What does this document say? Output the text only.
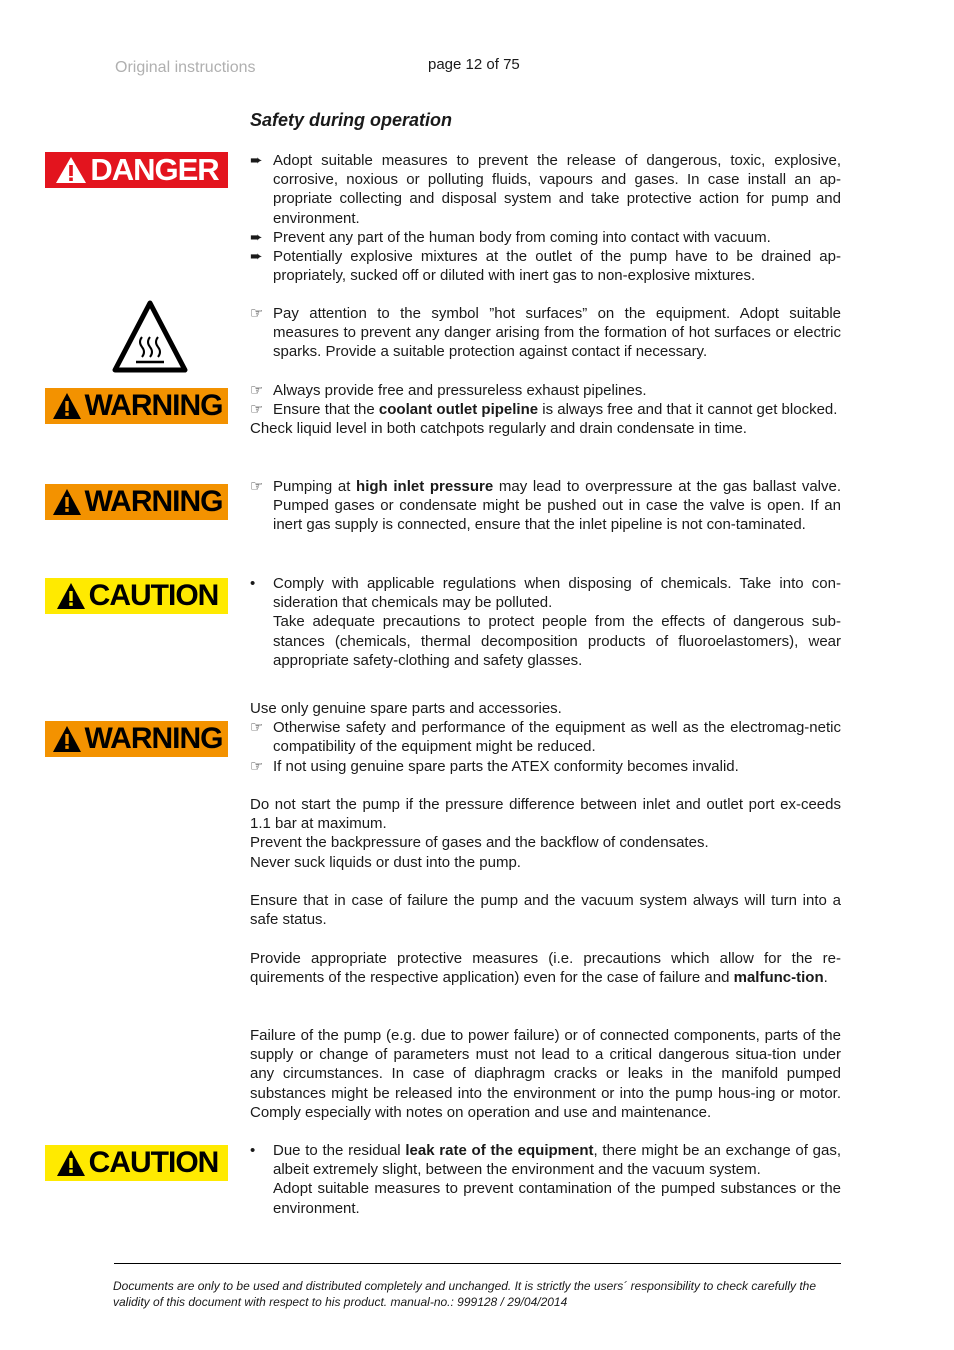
Original instructions	page 12 of 75
Safety during operation
DANGER
WARNING
WARNING
CAUTION
WARNING
CAUTION
➨ Adopt suitable measures to prevent the release of dangerous, toxic, explosive, corrosive, noxious or polluting fluids, vapours and gases. In case install an ap-propriate collecting and disposal system and take protective action for pump and environment.
➨ Prevent any part of the human body from coming into contact with vacuum.
➨ Potentially explosive mixtures at the outlet of the pump have to be drained ap-propriately, sucked off or diluted with inert gas to non-explosive mixtures.
☞ Pay attention to the symbol ”hot surfaces” on the equipment. Adopt suitable measures to prevent any danger arising from the formation of hot surfaces or electric sparks. Provide a suitable protection against contact if necessary.
☞ Always provide free and pressureless exhaust pipelines.
☞ Ensure that the coolant outlet pipeline is always free and that it cannot get blocked.
Check liquid level in both catchpots regularly and drain condensate in time.
☞ Pumping at high inlet pressure may lead to overpressure at the gas ballast valve. Pumped gases or condensate might be pushed out in case the valve is open. If an inert gas supply is connected, ensure that the inlet pipeline is not con-taminated.
•	Comply with applicable regulations when disposing of chemicals. Take into con-sideration that chemicals may be polluted.
Take adequate precautions to protect people from the effects of dangerous sub-stances (chemicals, thermal decomposition products of fluoroelastomers), wear appropriate safety-clothing and safety glasses.
Use only genuine spare parts and accessories.
☞ Otherwise safety and performance of the equipment as well as the electromag-netic compatibility of the equipment might be reduced.
☞ If not using genuine spare parts the ATEX conformity becomes invalid.
Do not start the pump if the pressure difference between inlet and outlet port ex-ceeds 1.1 bar at maximum.
Prevent the backpressure of gases and the backflow of condensates.
Never suck liquids or dust into the pump.
Ensure that in case of failure the pump and the vacuum system always will turn into a safe status.
Provide appropriate protective measures (i.e. precautions which allow for the re-quirements of the respective application) even for the case of failure and malfunc-tion.
Failure of the pump (e.g. due to power failure) or of connected components, parts of the supply or change of parameters must not lead to a critical dangerous situa-tion under any circumstances. In case of diaphragm cracks or leaks in the manifold pumped substances might be released into the environment or into the pump hous-ing or motor. Comply especially with notes on operation and use and maintenance.
•	Due to the residual leak rate of the equipment, there might be an exchange of gas, albeit extremely slight, between the environment and the vacuum system.
Adopt suitable measures to prevent contamination of the pumped substances or the environment.
Documents are only to be used and distributed completely and unchanged. It is strictly the users´ responsibility to check carefully the validity of this document with respect to his product. manual-no.: 999128 / 29/04/2014
